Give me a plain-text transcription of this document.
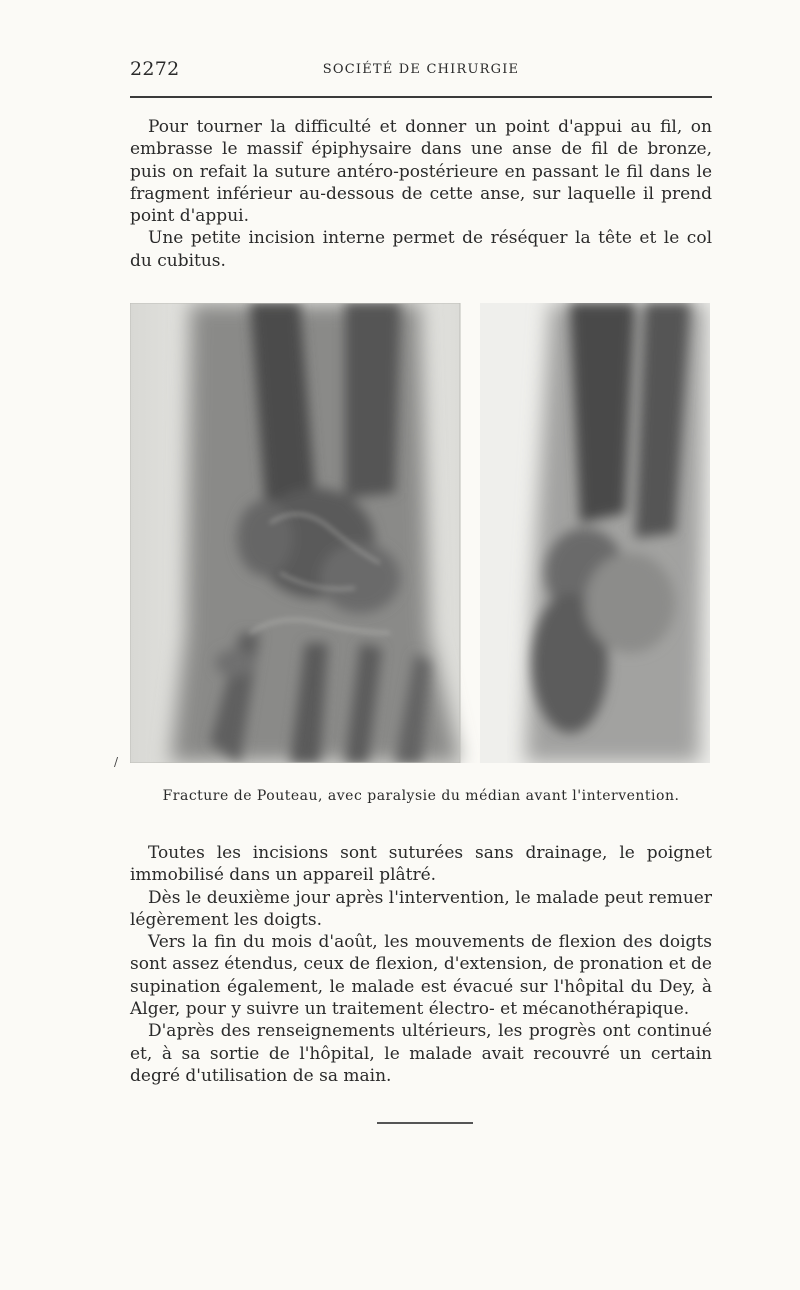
2272	SOCIÉTÉ DE CHIRURGIE

Pour tourner la difficulté et donner un point d'appui au fil, on embrasse le massif épiphysaire dans une anse de fil de bronze, puis on refait la suture antéro-postérieure en passant le fil dans le fragment inférieur au-dessous de cette anse, sur laquelle il prend point d'appui.

Une petite incision interne permet de réséquer la tête et le col du cubitus.

/
Fracture de Pouteau, avec paralysie du médian avant l'intervention.

Toutes les incisions sont suturées sans drainage, le poignet immobilisé dans un appareil plâtré.

Dès le deuxième jour après l'intervention, le malade peut remuer légèrement les doigts.

Vers la fin du mois d'août, les mouvements de flexion des doigts sont assez étendus, ceux de flexion, d'extension, de pronation et de supination également, le malade est évacué sur l'hôpital du Dey, à Alger, pour y suivre un traitement électro- et mécanothérapique.

D'après des renseignements ultérieurs, les progrès ont continué et, à sa sortie de l'hôpital, le malade avait recouvré un certain degré d'utilisation de sa main.
